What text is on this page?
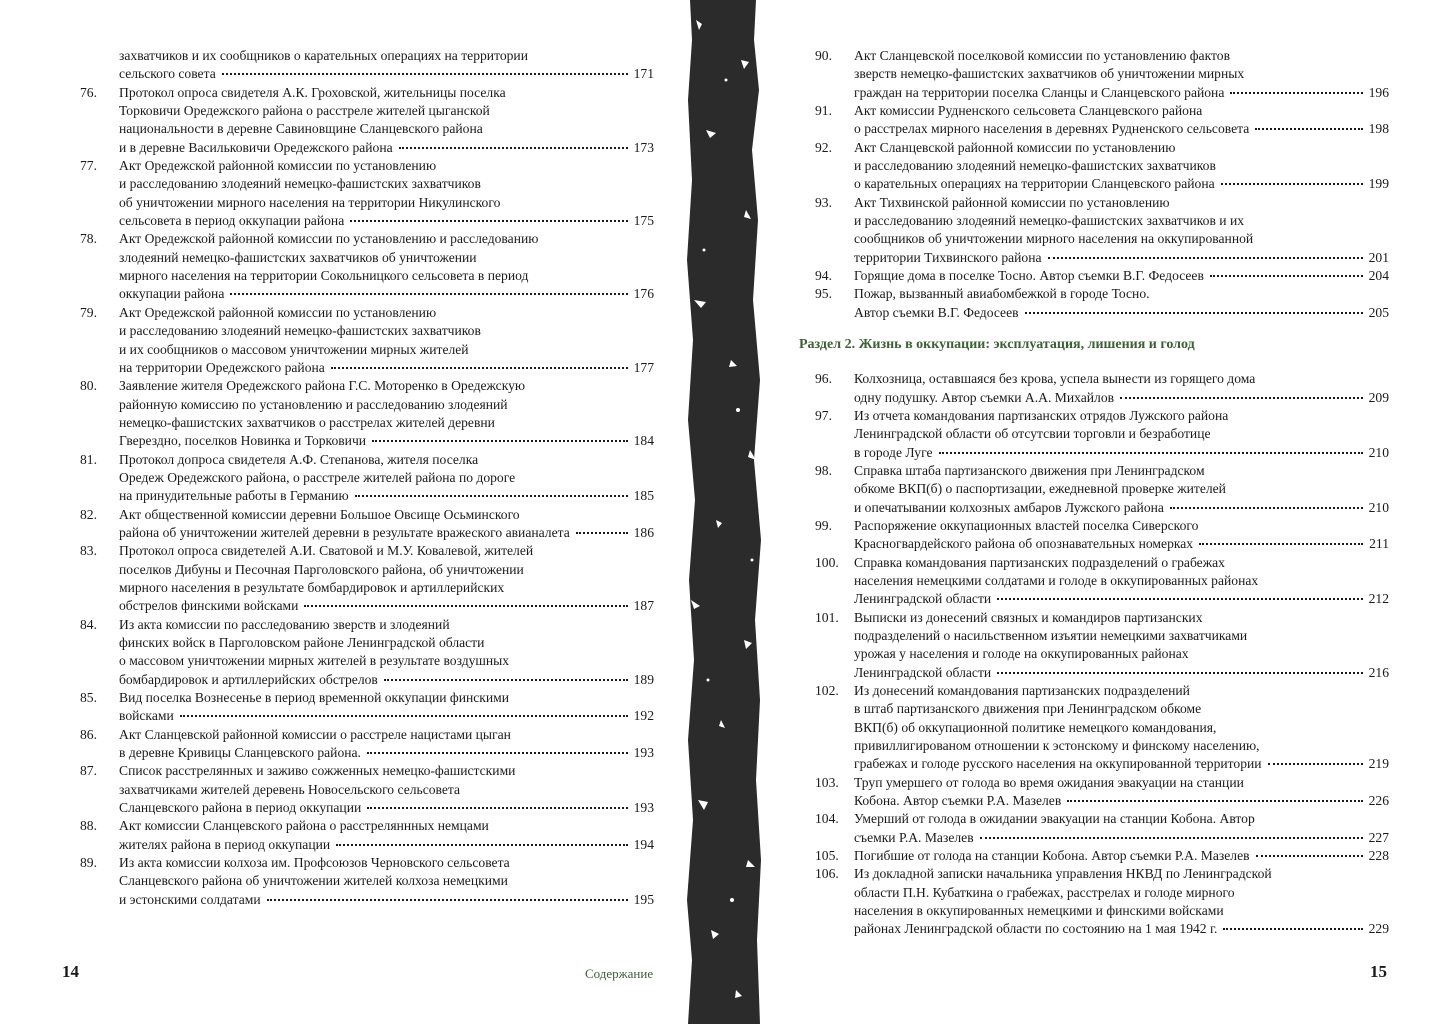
захватчиков и их сообщников о карательных операциях на территории
сельского совета	171
76. Протокол опроса свидетеля А.К. Гроховской, жительницы поселка
Торковичи Оредежского района о расстреле жителей цыганской
национальности в деревне Савиновщине Сланцевского района
и в деревне Васильковичи Оредежского района	173
77. Акт Оредежской районной комиссии по установлению
и расследованию злодеяний немецко-фашистских захватчиков
об уничтожении мирного населения на территории Никулинского
сельсовета в период оккупации района	175
78. Акт Оредежской районной комиссии по установлению и расследованию
злодеяний немецко-фашистских захватчиков об уничтожении
мирного населения на территории Сокольницкого сельсовета в период
оккупации района	176
79. Акт Оредежской районной комиссии по установлению
и расследованию злодеяний немецко-фашистских захватчиков
и их сообщников о массовом уничтожении мирных жителей
на территории Оредежского района	177
80. Заявление жителя Оредежского района Г.С. Моторенко в Оредежскую
районную комиссию по установлению и расследованию злодеяний
немецко-фашистских захватчиков о расстрелах жителей деревни
Гверездно, поселков Новинка и Торковичи	184
81. Протокол допроса свидетеля А.Ф. Степанова, жителя поселка
Оредеж Оредежского района, о расстреле жителей района по дороге
на принудительные работы в Германию	185
82. Акт общественной комиссии деревни Большое Овсище Осьминского
района об уничтожении жителей деревни в результате вражеского авианалета	186
83. Протокол опроса свидетелей А.И. Сватовой и М.У. Ковалевой, жителей
поселков Дибуны и Песочная Парголовского района, об уничтожении
мирного населения в результате бомбардировок и артиллерийских
обстрелов финскими войсками	187
84. Из акта комиссии по расследованию зверств и злодеяний
финских войск в Парголовском районе Ленинградской области
о массовом уничтожении мирных жителей в результате воздушных
бомбардировок и артиллерийских обстрелов	189
85. Вид поселка Вознесенье в период временной оккупации финскими
войсками	192
86. Акт Сланцевской районной комиссии о расстреле нацистами цыган
в деревне Кривицы Сланцевского района.	193
87. Список расстрелянных и заживо сожженных немецко-фашистскими
захватчиками жителей деревень Новосельского сельсовета
Сланцевского района в период оккупации	193
88. Акт комиссии Сланцевского района о расстреляннных немцами
жителях района в период оккупации	194
89. Из акта комиссии колхоза им. Профсоюзов Черновского сельсовета
Сланцевского района об уничтожении жителей колхоза немецкими
и эстонскими солдатами	195
14	Содержание
90. Акт Сланцевской поселковой комиссии по установлению фактов
зверств немецко-фашистских захватчиков об уничтожении мирных
граждан на территории поселка Сланцы и Сланцевского района	196
91. Акт комиссии Рудненского сельсовета Сланцевского района
о расстрелах мирного населения в деревнях Рудненского сельсовета	198
92. Акт Сланцевской районной комиссии по установлению
и расследованию злодеяний немецко-фашистских захватчиков
о карательных операциях на территории Сланцевского района	199
93. Акт Тихвинской районной комиссии по установлению
и расследованию злодеяний немецко-фашистских захватчиков и их
сообщников об уничтожении мирного населения на оккупированной
территории Тихвинского района	201
94. Горящие дома в поселке Тосно. Автор съемки В.Г. Федосеев	204
95. Пожар, вызванный авиабомбежкой в городе Тосно.
Автор съемки В.Г. Федосеев	205
Раздел 2. Жизнь в оккупации: эксплуатация, лишения и голод
96. Колхозница, оставшаяся без крова, успела вынести из горящего дома
одну подушку. Автор съемки А.А. Михайлов	209
97. Из отчета командования партизанских отрядов Лужского района
Ленинградской области об отсутсвии торговли и безработице
в городе Луге	210
98. Справка штаба партизанского движения при Ленинградском
обкоме ВКП(б) о паспортизации, ежедневной проверке жителей
и опечатывании колхозных амбаров Лужского района	210
99. Распоряжение оккупационных властей поселка Сиверского
Красногвардейского района об опознавательных номерках	211
100. Справка командования партизанских подразделений о грабежах
населения немецкими солдатами и голоде в оккупированных районах
Ленинградской области	212
101. Выписки из донесений связных и командиров партизанских
подразделений о насильственном изъятии немецкими захватчиками
урожая у населения и голоде на оккупированных районах
Ленинградской области	216
102. Из донесений командования партизанских подразделений
в штаб партизанского движения при Ленинградском обкоме
ВКП(б) об оккупационной политике немецкого командования,
привиллигированом отношении к эстонскому и финскому населению,
грабежах и голоде русского населения на оккупированной территории	219
103. Труп умершего от голода во время ожидания эвакуации на станции
Кобона. Автор съемки Р.А. Мазелев	226
104. Умерший от голода в ожидании эвакуации на станции Кобона. Автор
съемки Р.А. Мазелев	227
105. Погибшие от голода на станции Кобона. Автор съемки Р.А. Мазелев	228
106. Из докладной записки начальника управления НКВД по Ленинградской
области П.Н. Кубаткина о грабежах, расстрелах и голоде мирного
населения в оккупированных немецкими и финскими войсками
районах Ленинградской области по состоянию на 1 мая 1942 г.	229
15
